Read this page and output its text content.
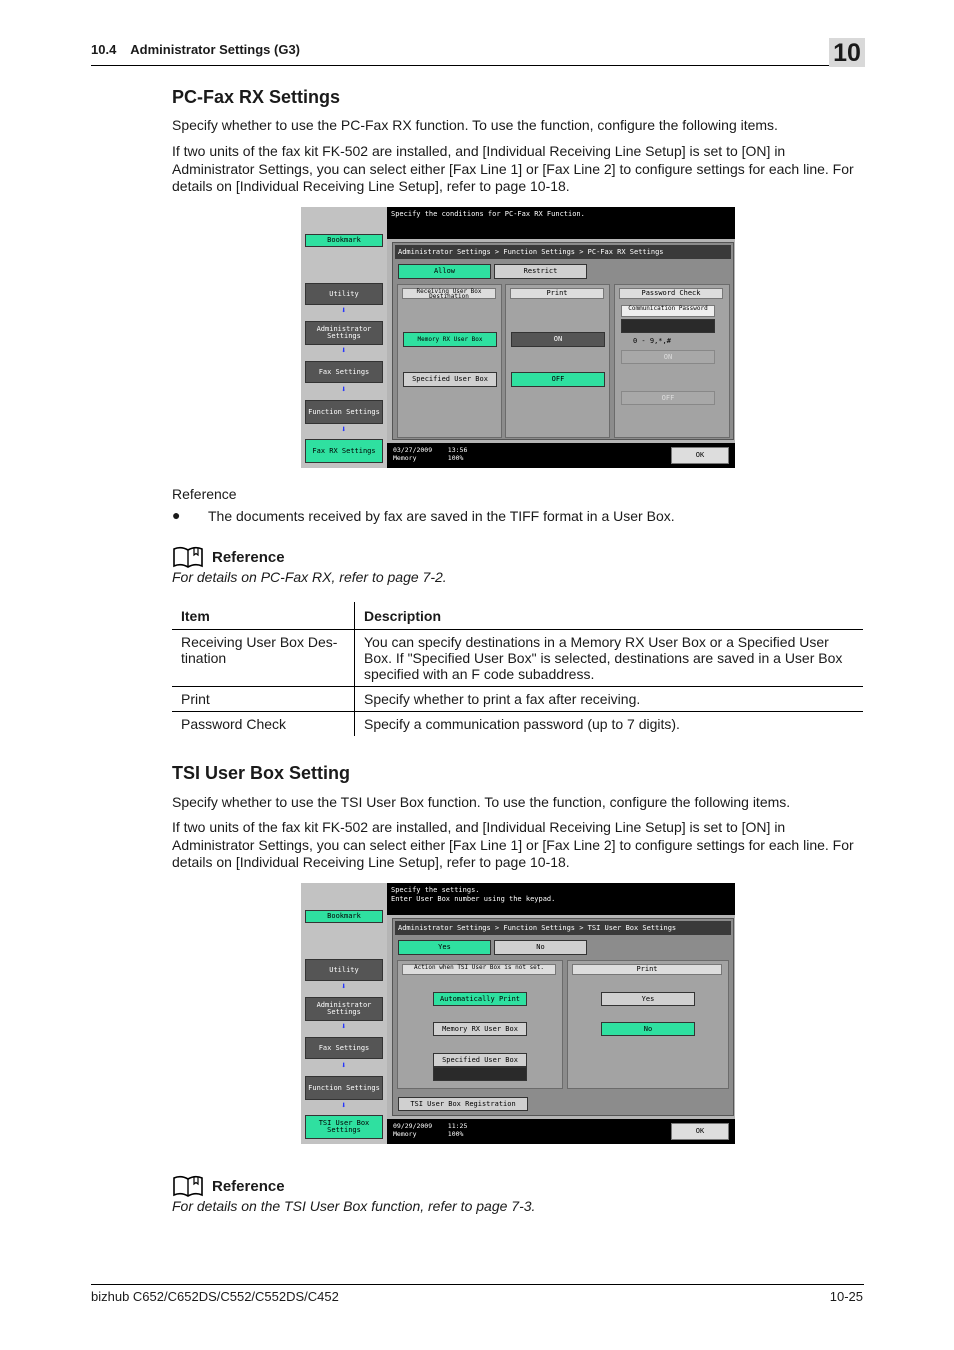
10.4    Administrator Settings (G3)	10
PC-Fax RX Settings

Specify whether to use the PC-Fax RX function. To use the function, configure the following items.

If two units of the fax kit FK-502 are installed, and [Individual Receiving Line Setup] is set to [ON] in Administrator Settings, you can select either [Fax Line 1] or [Fax Line 2] to configure settings for each line. For details on [Individual Receiving Line Setup], refer to page 10-18.

Bookmark
Utility
⬇
Administrator Settings
⬇
Fax Settings
⬇
Function Settings
⬇
Fax RX Settings
Specify the conditions for PC-Fax RX Function.
Administrator Settings > Function Settings > PC-Fax RX Settings
Allow	Restrict
Receiving User Box Destination
Memory RX User Box
Specified User Box
Print
ON
OFF
Password Check
Communication Password
0 - 9,*,#
ON
OFF
03/27/2009 13:56
Memory	100%	OK
Reference
● The documents received by fax are saved in the TIFF format in a User Box.
Reference
For details on PC-Fax RX, refer to page 7-2.
Item	Description
Receiving User Box Des-tination	You can specify destinations in a Memory RX User Box or a Specified User Box. If "Specified User Box" is selected, destinations are saved in a User Box specified with an F code subaddress.
Print	Specify whether to print a fax after receiving.
Password Check	Specify a communication password (up to 7 digits).
TSI User Box Setting

Specify whether to use the TSI User Box function. To use the function, configure the following items.

If two units of the fax kit FK-502 are installed, and [Individual Receiving Line Setup] is set to [ON] in Administrator Settings, you can select either [Fax Line 1] or [Fax Line 2] to configure settings for each line. For details on [Individual Receiving Line Setup], refer to page 10-18.

Bookmark
Utility
⬇
Administrator Settings
⬇
Fax Settings
⬇
Function Settings
⬇
TSI User Box Settings
Specify the settings.
Enter User Box number using the keypad.
Administrator Settings > Function Settings > TSI User Box Settings
Yes	No
Action when TSI User Box is not set.
Automatically Print
Memory RX User Box
Specified User Box
Print
Yes
No
TSI User Box Registration
09/29/2009 11:25
Memory	100%	OK
Reference
For details on the TSI User Box function, refer to page 7-3.
bizhub C652/C652DS/C552/C552DS/C452	10-25
